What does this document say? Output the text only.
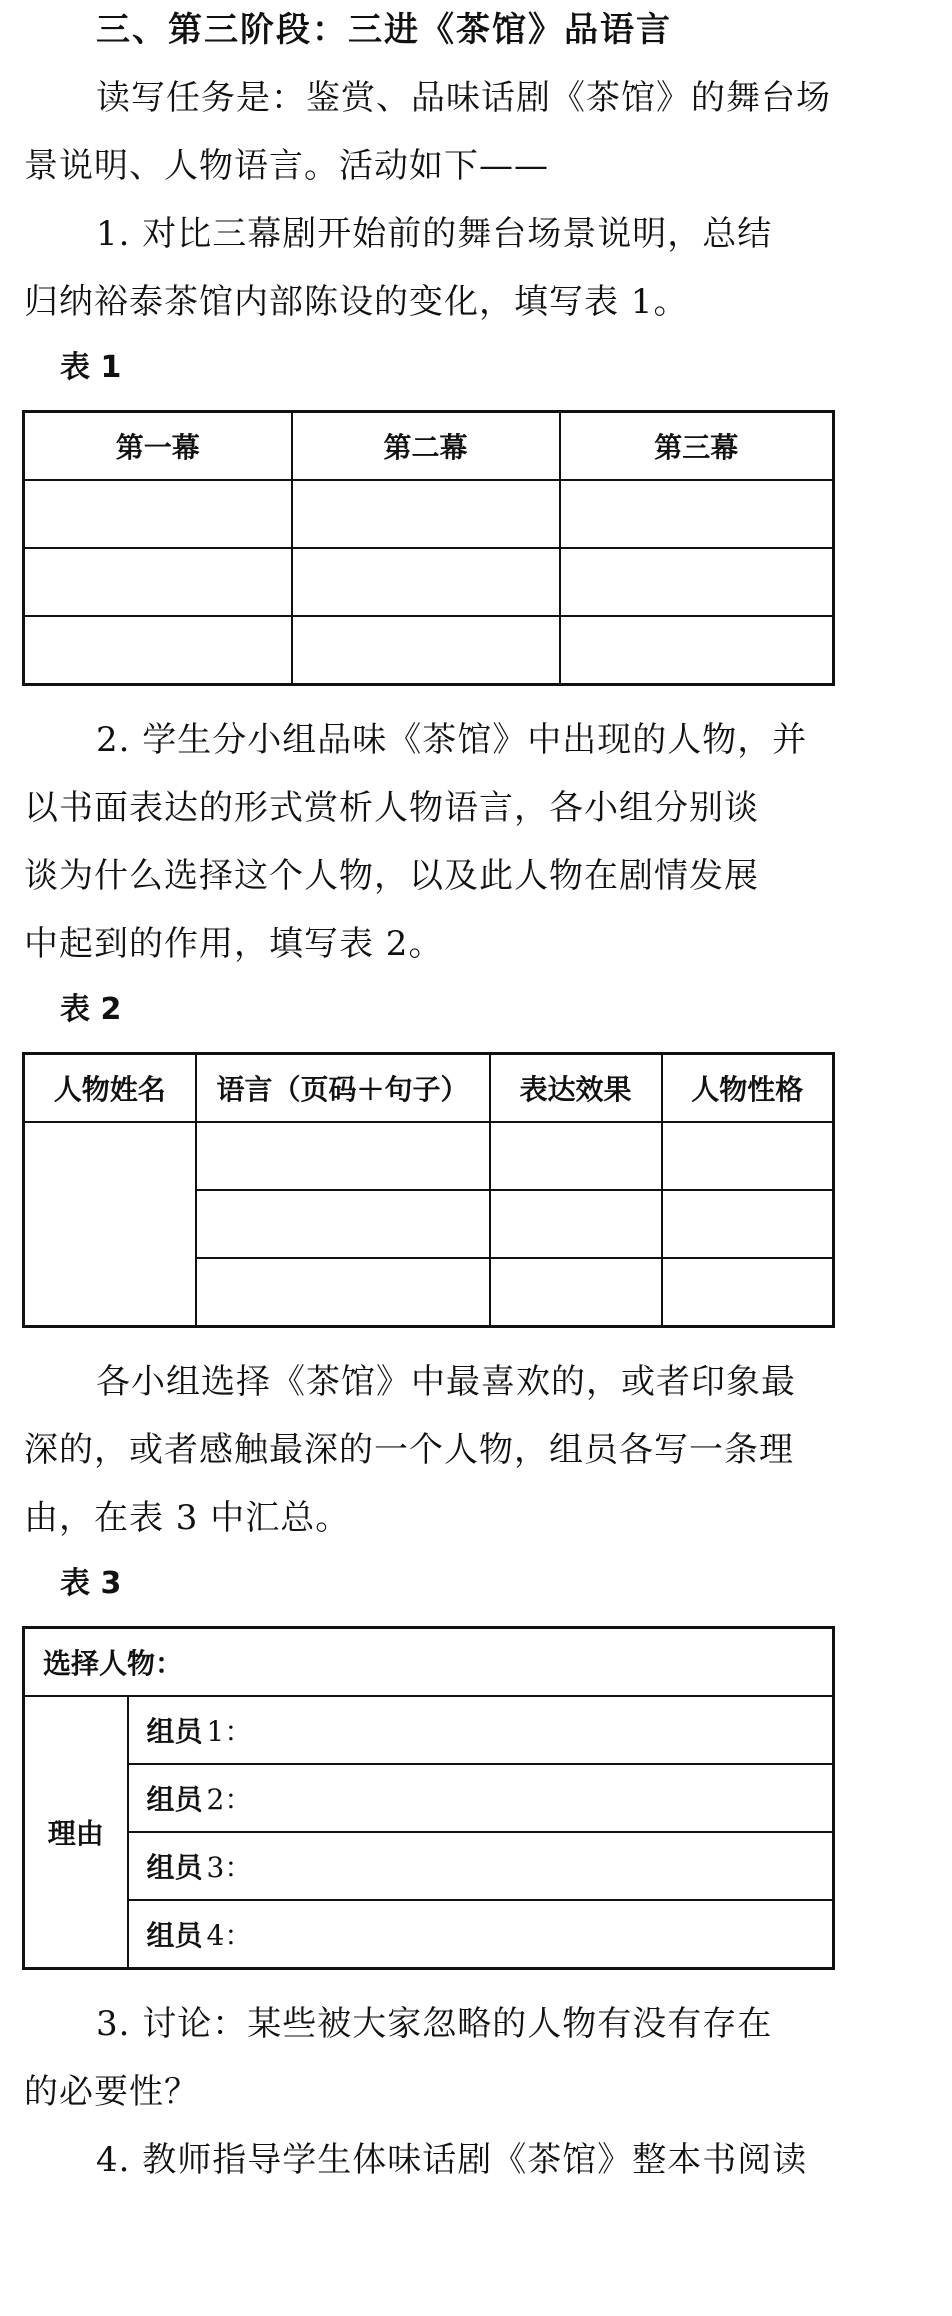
三、第三阶段：三进《茶馆》品语言
读写任务是：鉴赏、品味话剧《茶馆》的舞台场
景说明、人物语言。活动如下——
1. 对比三幕剧开始前的舞台场景说明，总结
归纳裕泰茶馆内部陈设的变化，填写表 1。
表 1
第一幕	第二幕	第三幕

2. 学生分小组品味《茶馆》中出现的人物，并
以书面表达的形式赏析人物语言，各小组分别谈
谈为什么选择这个人物，以及此人物在剧情发展
中起到的作用，填写表 2。
表 2
人物姓名	语言（页码＋句子）	表达效果	人物性格

各小组选择《茶馆》中最喜欢的，或者印象最
深的，或者感触最深的一个人物，组员各写一条理
由，在表 3 中汇总。
表 3
选择人物：
理由	组员 1：
组员 2：
组员 3：
组员 4：
3. 讨论：某些被大家忽略的人物有没有存在
的必要性？
4. 教师指导学生体味话剧《茶馆》整本书阅读
